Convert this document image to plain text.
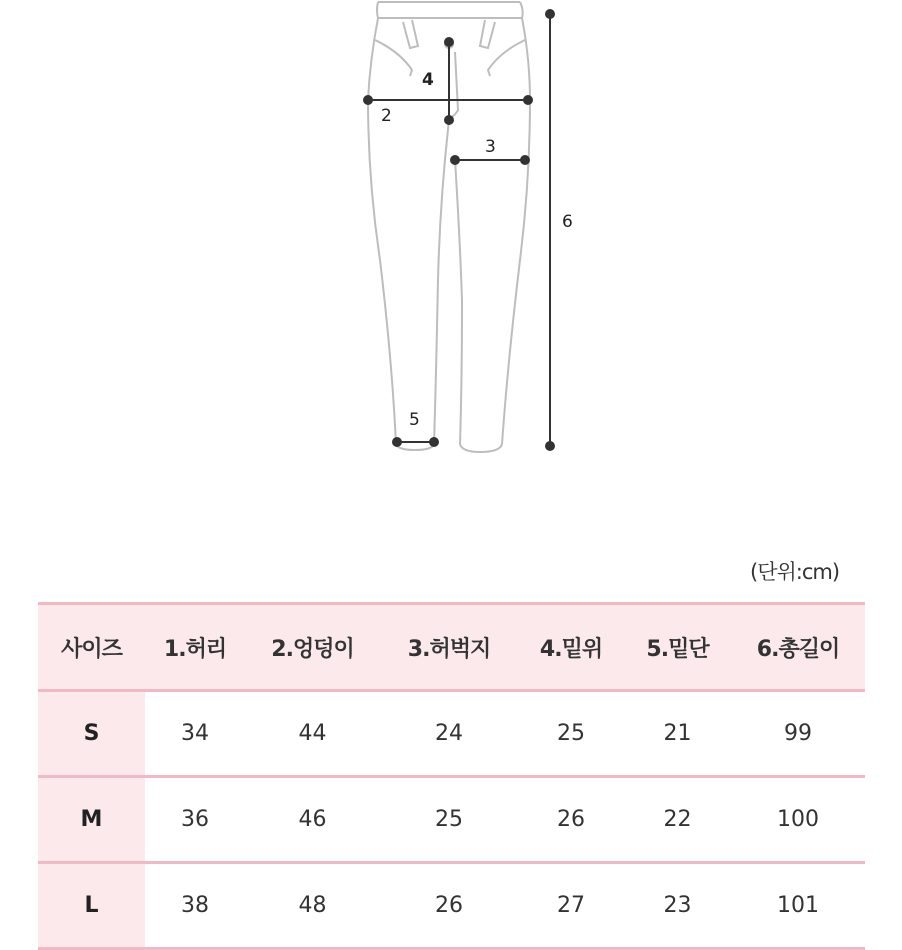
4
2
3
6
5
(단위:cm)
사이즈	1.허리	2.엉덩이	3.허벅지	4.밑위	5.밑단	6.총길이
S	34	44	24	25	21	99
M	36	46	25	26	22	100
L	38	48	26	27	23	101
